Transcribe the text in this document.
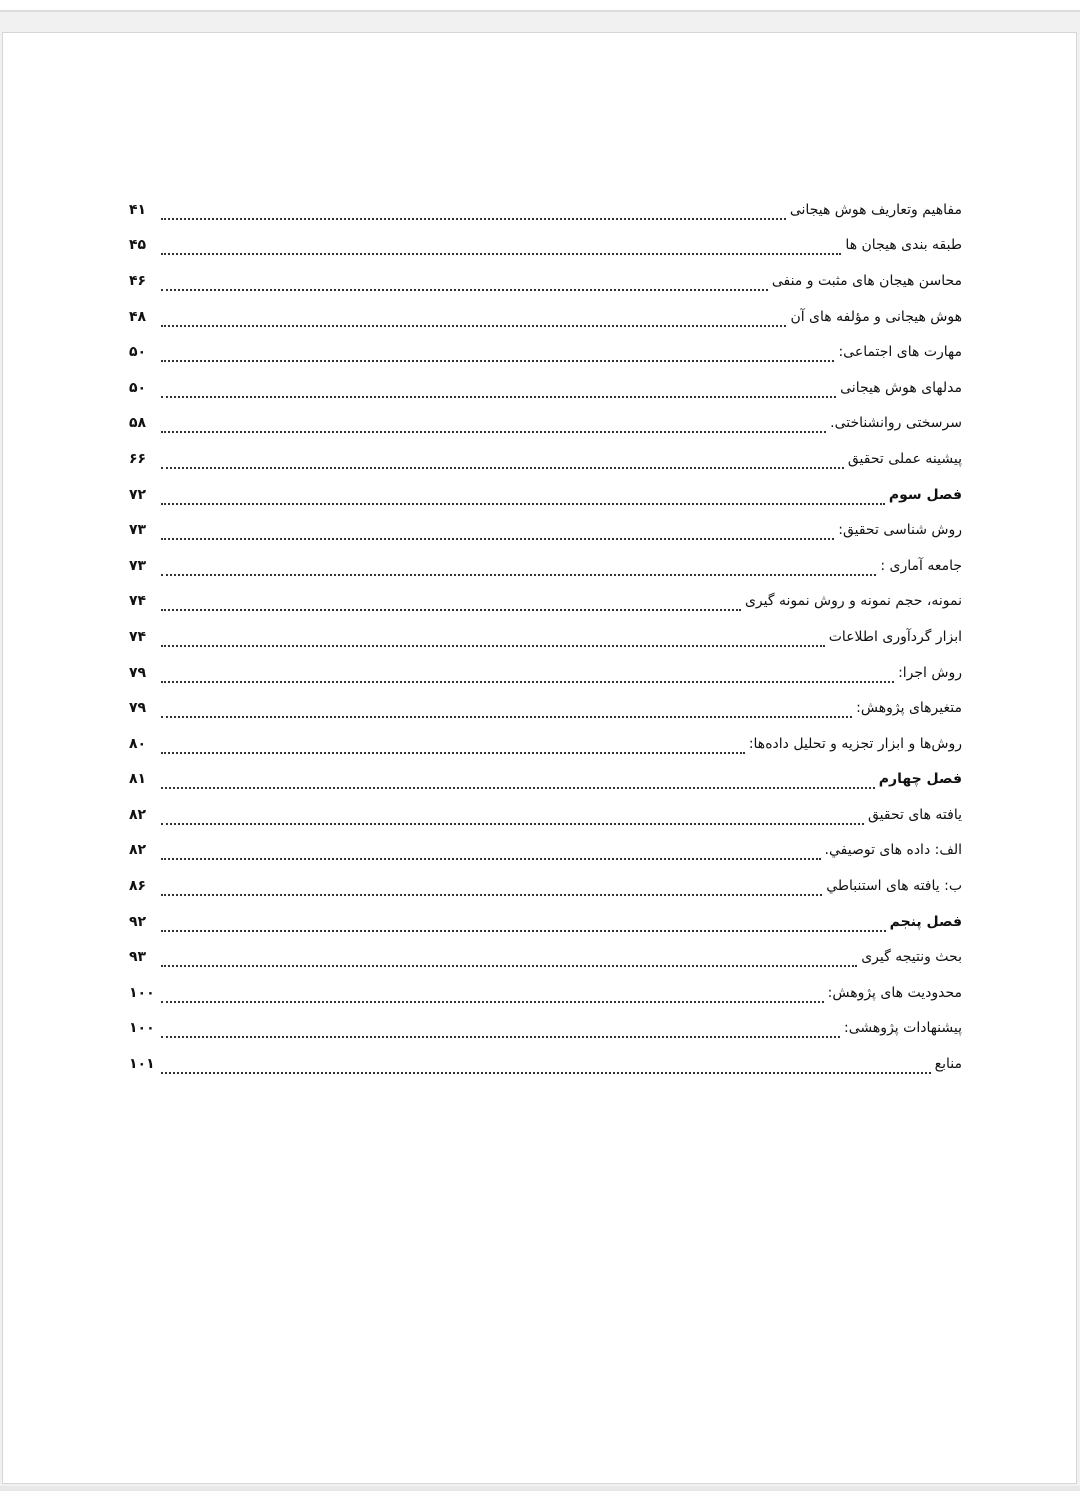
مفاهیم وتعاریف هوش هیجانی
۴۱
طبقه بندی هیجان ها
۴۵
محاسن هیجان های مثبت و منفی
۴۶
هوش هیجانی و مؤلفه های آن
۴۸
مهارت های اجتماعی:
۵۰
مدلهای هوش هیجانی
۵۰
سرسختی روانشناختی.
۵۸
پیشینه عملی تحقیق
۶۶
فصل سوم
۷۲
روش شناسی تحقیق:
۷۳
جامعه آماری :
۷۳
نمونه، حجم نمونه و روش نمونه گیری
۷۴
ابزار گردآوری اطلاعات
۷۴
روش اجرا:
۷۹
متغیرهای پژوهش:
۷۹
روش‌ها و ابزار تجزیه و تحلیل داده‌ها:
۸۰
فصل چهارم
۸۱
یافته های تحقیق
۸۲
الف: داده های توصیفي.
۸۲
ب: یافته های استنباطي
۸۶
فصل پنجم
۹۲
بحث ونتیجه گیری
۹۳
محدودیت های پژوهش:
۱۰۰
پیشنهادات پژوهشی:
۱۰۰
منابع
۱۰۱
